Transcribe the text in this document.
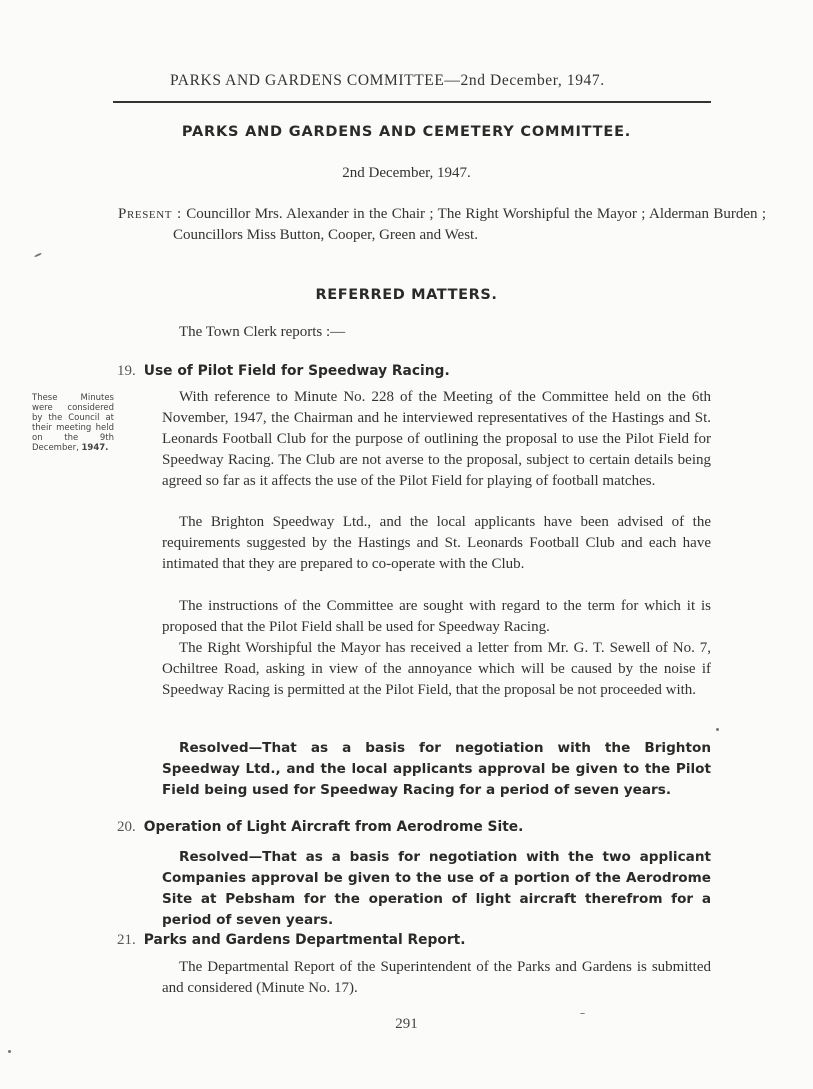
PARKS AND GARDENS COMMITTEE—2nd December, 1947.
PARKS AND GARDENS AND CEMETERY COMMITTEE.
2nd December, 1947.
Present : Councillor Mrs. Alexander in the Chair ; The Right Worshipful the Mayor ; Alderman Burden ; Councillors Miss Button, Cooper, Green and West.
REFERRED MATTERS.
The Town Clerk reports :—
These Minutes were considered by the Council at their meeting held on the 9th December, 1947.
19. Use of Pilot Field for Speedway Racing.
With reference to Minute No. 228 of the Meeting of the Committee held on the 6th November, 1947, the Chairman and he interviewed representatives of the Hastings and St. Leonards Football Club for the purpose of outlining the proposal to use the Pilot Field for Speedway Racing. The Club are not averse to the proposal, subject to certain details being agreed so far as it affects the use of the Pilot Field for playing of football matches.
The Brighton Speedway Ltd., and the local applicants have been advised of the requirements suggested by the Hastings and St. Leonards Football Club and each have intimated that they are prepared to co-operate with the Club.
The instructions of the Committee are sought with regard to the term for which it is proposed that the Pilot Field shall be used for Speedway Racing.
The Right Worshipful the Mayor has received a letter from Mr. G. T. Sewell of No. 7, Ochiltree Road, asking in view of the annoyance which will be caused by the noise if Speedway Racing is permitted at the Pilot Field, that the proposal be not proceeded with.
Resolved—That as a basis for negotiation with the Brighton Speedway Ltd., and the local applicants approval be given to the Pilot Field being used for Speedway Racing for a period of seven years.
20. Operation of Light Aircraft from Aerodrome Site.
Resolved—That as a basis for negotiation with the two applicant Companies approval be given to the use of a portion of the Aerodrome Site at Pebsham for the operation of light aircraft therefrom for a period of seven years.
21. Parks and Gardens Departmental Report.
The Departmental Report of the Superintendent of the Parks and Gardens is submitted and considered (Minute No. 17).
291
